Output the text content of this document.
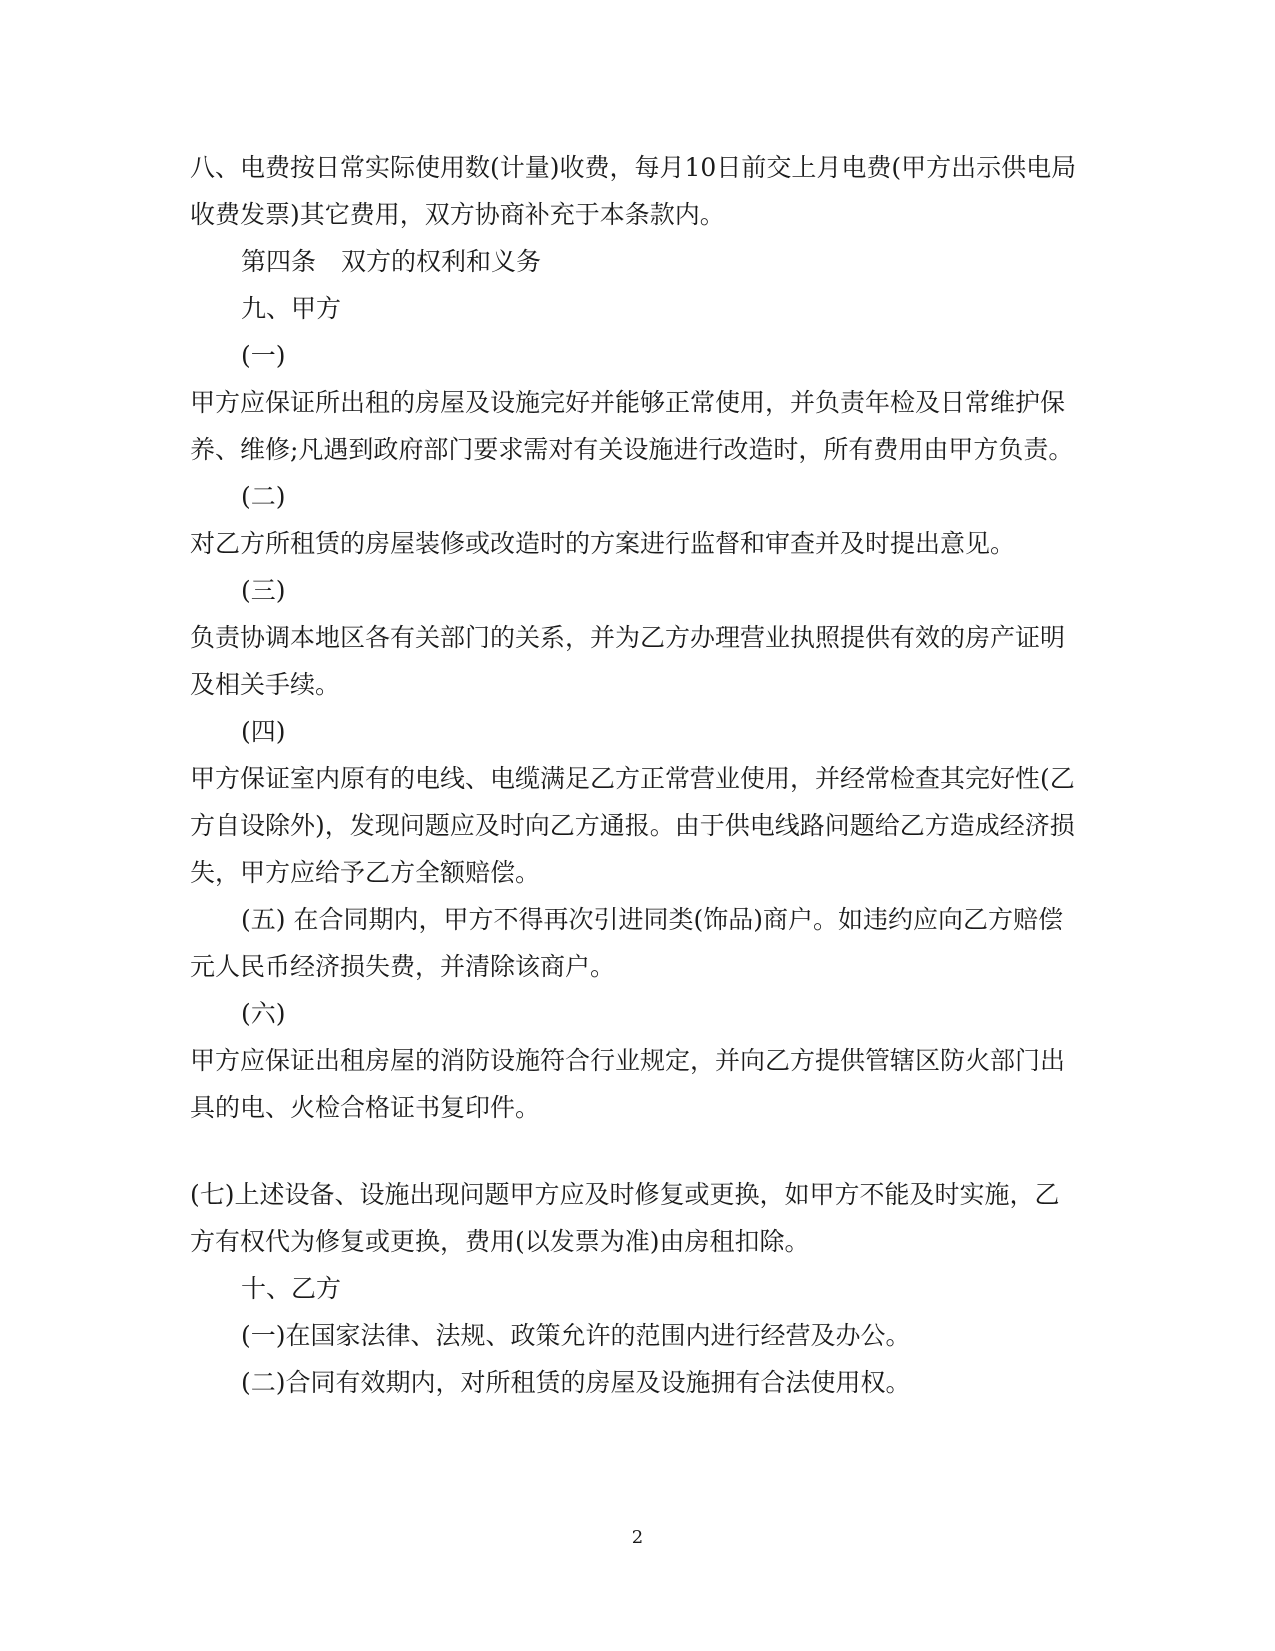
八、电费按日常实际使用数(计量)收费，每月10日前交上月电费(甲方出示供电局
收费发票)其它费用，双方协商补充于本条款内。
第四条　双方的权利和义务
九、甲方
(一)
甲方应保证所出租的房屋及设施完好并能够正常使用，并负责年检及日常维护保
养、维修;凡遇到政府部门要求需对有关设施进行改造时，所有费用由甲方负责。
(二)
对乙方所租赁的房屋装修或改造时的方案进行监督和审查并及时提出意见。
(三)
负责协调本地区各有关部门的关系，并为乙方办理营业执照提供有效的房产证明
及相关手续。
(四)
甲方保证室内原有的电线、电缆满足乙方正常营业使用，并经常检查其完好性(乙
方自设除外)，发现问题应及时向乙方通报。由于供电线路问题给乙方造成经济损
失，甲方应给予乙方全额赔偿。
(五) 在合同期内，甲方不得再次引进同类(饰品)商户。如违约应向乙方赔偿
元人民币经济损失费，并清除该商户。
(六)
甲方应保证出租房屋的消防设施符合行业规定，并向乙方提供管辖区防火部门出
具的电、火检合格证书复印件。
(七)上述设备、设施出现问题甲方应及时修复或更换，如甲方不能及时实施，乙
方有权代为修复或更换，费用(以发票为准)由房租扣除。
十、乙方
(一)在国家法律、法规、政策允许的范围内进行经营及办公。
(二)合同有效期内，对所租赁的房屋及设施拥有合法使用权。
2
